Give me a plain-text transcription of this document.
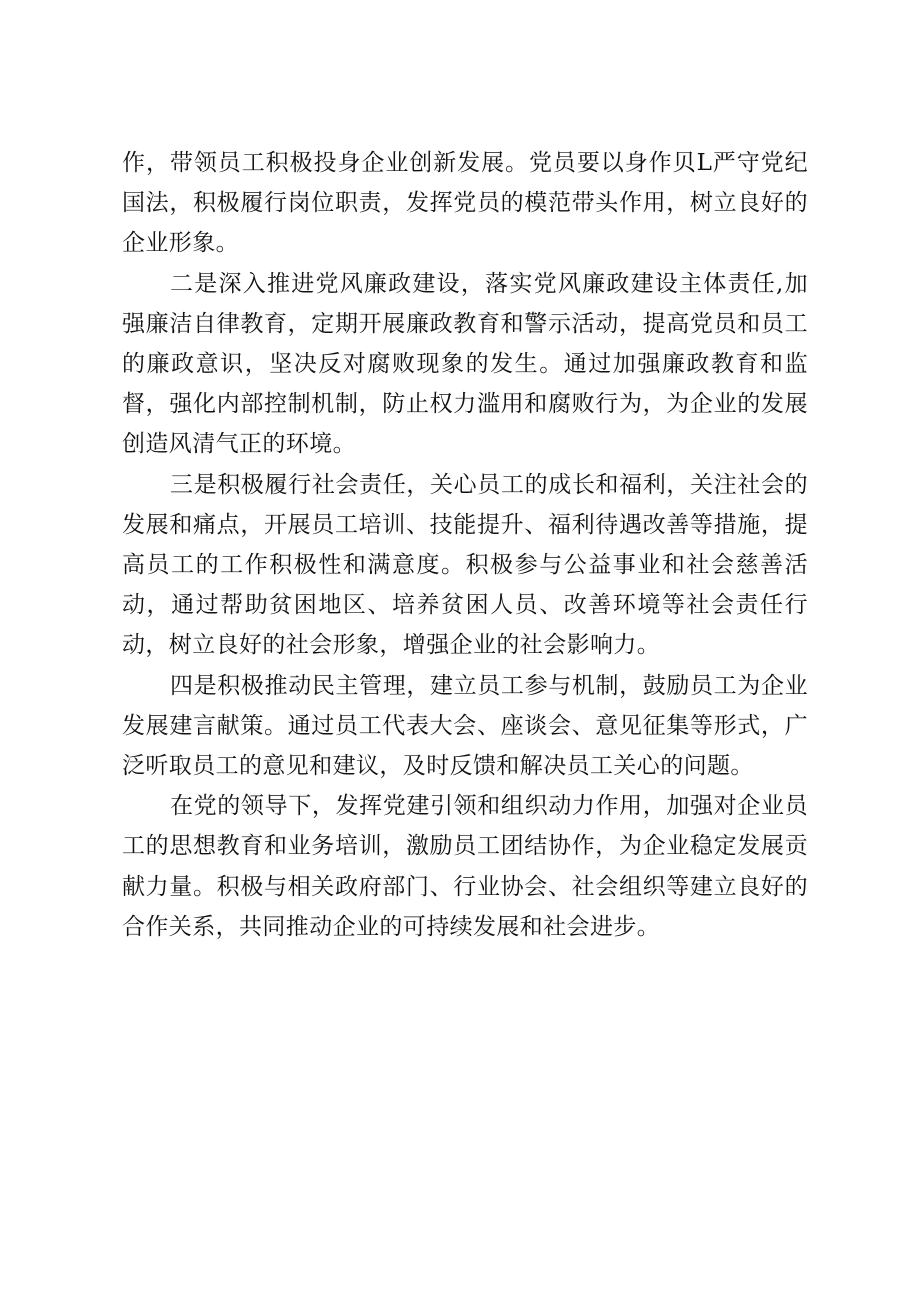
作，带领员工积极投身企业创新发展。党员要以身作贝L严守党纪国法，积极履行岗位职责，发挥党员的模范带头作用，树立良好的企业形象。

二是深入推进党风廉政建设，落实党风廉政建设主体责任,加强廉洁自律教育，定期开展廉政教育和警示活动，提高党员和员工的廉政意识，坚决反对腐败现象的发生。通过加强廉政教育和监督，强化内部控制机制，防止权力滥用和腐败行为，为企业的发展创造风清气正的环境。

三是积极履行社会责任，关心员工的成长和福利，关注社会的发展和痛点，开展员工培训、技能提升、福利待遇改善等措施，提高员工的工作积极性和满意度。积极参与公益事业和社会慈善活动，通过帮助贫困地区、培养贫困人员、改善环境等社会责任行动，树立良好的社会形象，增强企业的社会影响力。

四是积极推动民主管理，建立员工参与机制，鼓励员工为企业发展建言献策。通过员工代表大会、座谈会、意见征集等形式，广泛听取员工的意见和建议，及时反馈和解决员工关心的问题。

在党的领导下，发挥党建引领和组织动力作用，加强对企业员工的思想教育和业务培训，激励员工团结协作，为企业稳定发展贡献力量。积极与相关政府部门、行业协会、社会组织等建立良好的合作关系，共同推动企业的可持续发展和社会进步。
